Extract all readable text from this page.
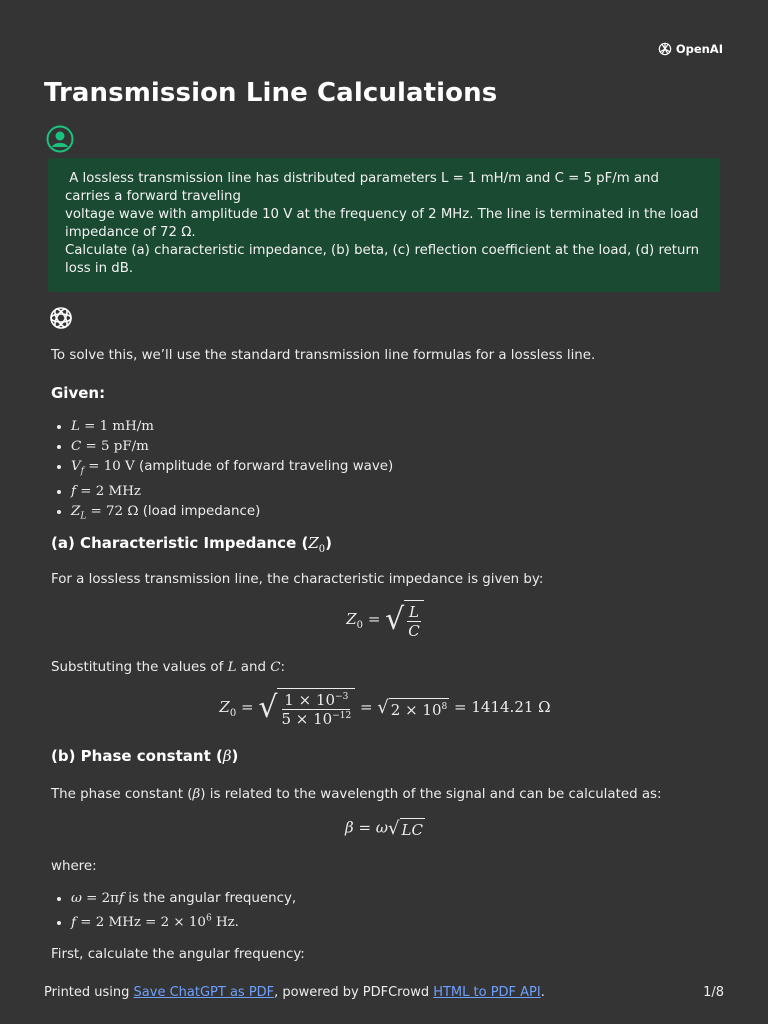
OpenAI
Transmission Line Calculations
A lossless transmission line has distributed parameters L = 1 mH/m and C = 5 pF/m and carries a forward traveling
voltage wave with amplitude 10 V at the frequency of 2 MHz. The line is terminated in the load impedance of 72 Ω.
Calculate (a) characteristic impedance, (b) beta, (c) reflection coefficient at the load, (d) return loss in dB.

To solve this, we’ll use the standard transmission line formulas for a lossless line.

Given:
• L = 1 mH/m
• C = 5 pF/m
• $V_f = 10$ V (amplitude of forward traveling wave)
• f = 2 MHz
• $Z_L = 72$ Ω (load impedance)
(a) Characteristic Impedance $(Z_0)$

For a lossless transmission line, the characteristic impedance is given by:

$Z_0$ = √ $\frac{L}{C}$

Substituting the values of L and C:

$Z_0$ = √ $\frac{1 \times 10^{-3}}{5 \times 10^{-12}}$ = √ $2 \times 10^8 = 1414.21$ Ω
(b) Phase constant (β)

The phase constant (β) is related to the wavelength of the signal and can be calculated as:

β = ω √ LC

where:

• ω = 2πf is the angular frequency,
• f = 2 MHz = $2 \times 10^6$ Hz.

First, calculate the angular frequency:

Printed using Save ChatGPT as PDF, powered by PDFCrowd HTML to PDF API.	1/8
